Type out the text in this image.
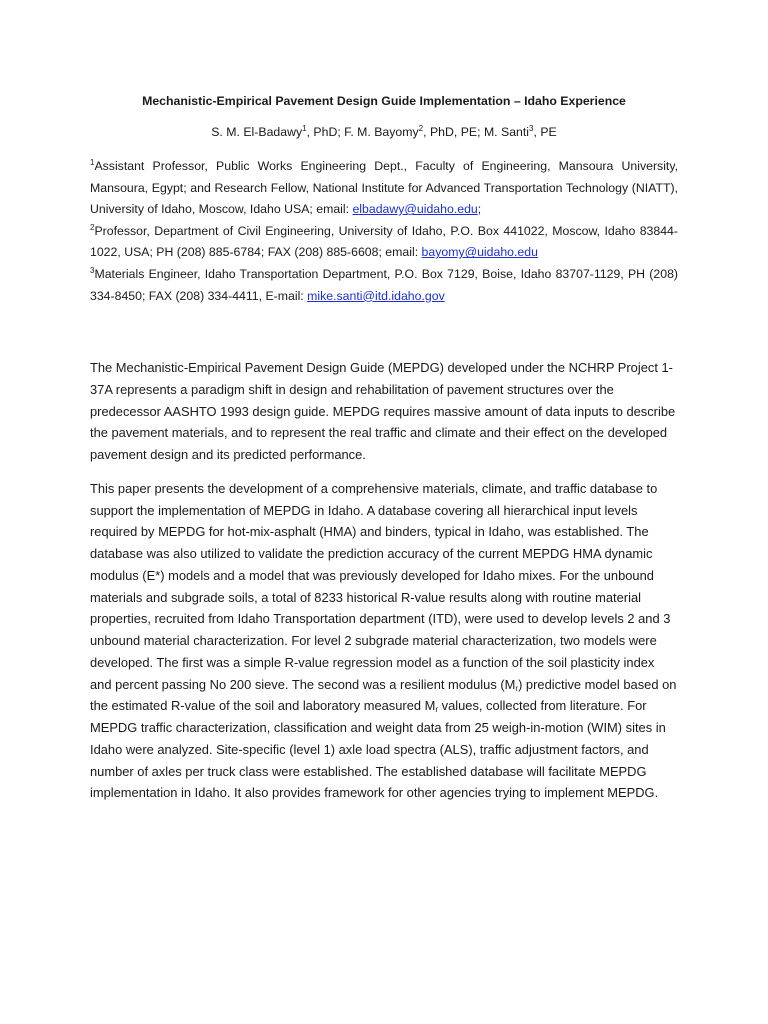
Mechanistic-Empirical Pavement Design Guide Implementation – Idaho Experience
S. M. El-Badawy$^1$, PhD; F. M. Bayomy$^2$, PhD, PE; M. Santi$^3$, PE

$^1$Assistant Professor, Public Works Engineering Dept., Faculty of Engineering, Mansoura University, Mansoura, Egypt; and Research Fellow, National Institute for Advanced Transportation Technology (NIATT), University of Idaho, Moscow, Idaho USA; email: elbadawy@uidaho.edu;

$^2$Professor, Department of Civil Engineering, University of Idaho, P.O. Box 441022, Moscow, Idaho 83844-1022, USA; PH (208) 885-6784; FAX (208) 885-6608; email: bayomy@uidaho.edu

$^3$Materials Engineer, Idaho Transportation Department, P.O. Box 7129, Boise, Idaho 83707-1129, PH (208) 334-8450; FAX (208) 334-4411, E-mail: mike.santi@itd.idaho.gov

The Mechanistic-Empirical Pavement Design Guide (MEPDG) developed under the NCHRP Project 1-37A represents a paradigm shift in design and rehabilitation of pavement structures over the predecessor AASHTO 1993 design guide. MEPDG requires massive amount of data inputs to describe the pavement materials, and to represent the real traffic and climate and their effect on the developed pavement design and its predicted performance.

This paper presents the development of a comprehensive materials, climate, and traffic database to support the implementation of MEPDG in Idaho. A database covering all hierarchical input levels required by MEPDG for hot-mix-asphalt (HMA) and binders, typical in Idaho, was established. The database was also utilized to validate the prediction accuracy of the current MEPDG HMA dynamic modulus (E*) models and a model that was previously developed for Idaho mixes. For the unbound materials and subgrade soils, a total of 8233 historical R-value results along with routine material properties, recruited from Idaho Transportation department (ITD), were used to develop levels 2 and 3 unbound material characterization. For level 2 subgrade material characterization, two models were developed. The first was a simple R-value regression model as a function of the soil plasticity index and percent passing No 200 sieve. The second was a resilient modulus $(M_r)$ predictive model based on the estimated R-value of the soil and laboratory measured $M_r$ values, collected from literature. For MEPDG traffic characterization, classification and weight data from 25 weigh-in-motion (WIM) sites in Idaho were analyzed. Site-specific (level 1) axle load spectra (ALS), traffic adjustment factors, and number of axles per truck class were established. The established database will facilitate MEPDG implementation in Idaho. It also provides framework for other agencies trying to implement MEPDG.
